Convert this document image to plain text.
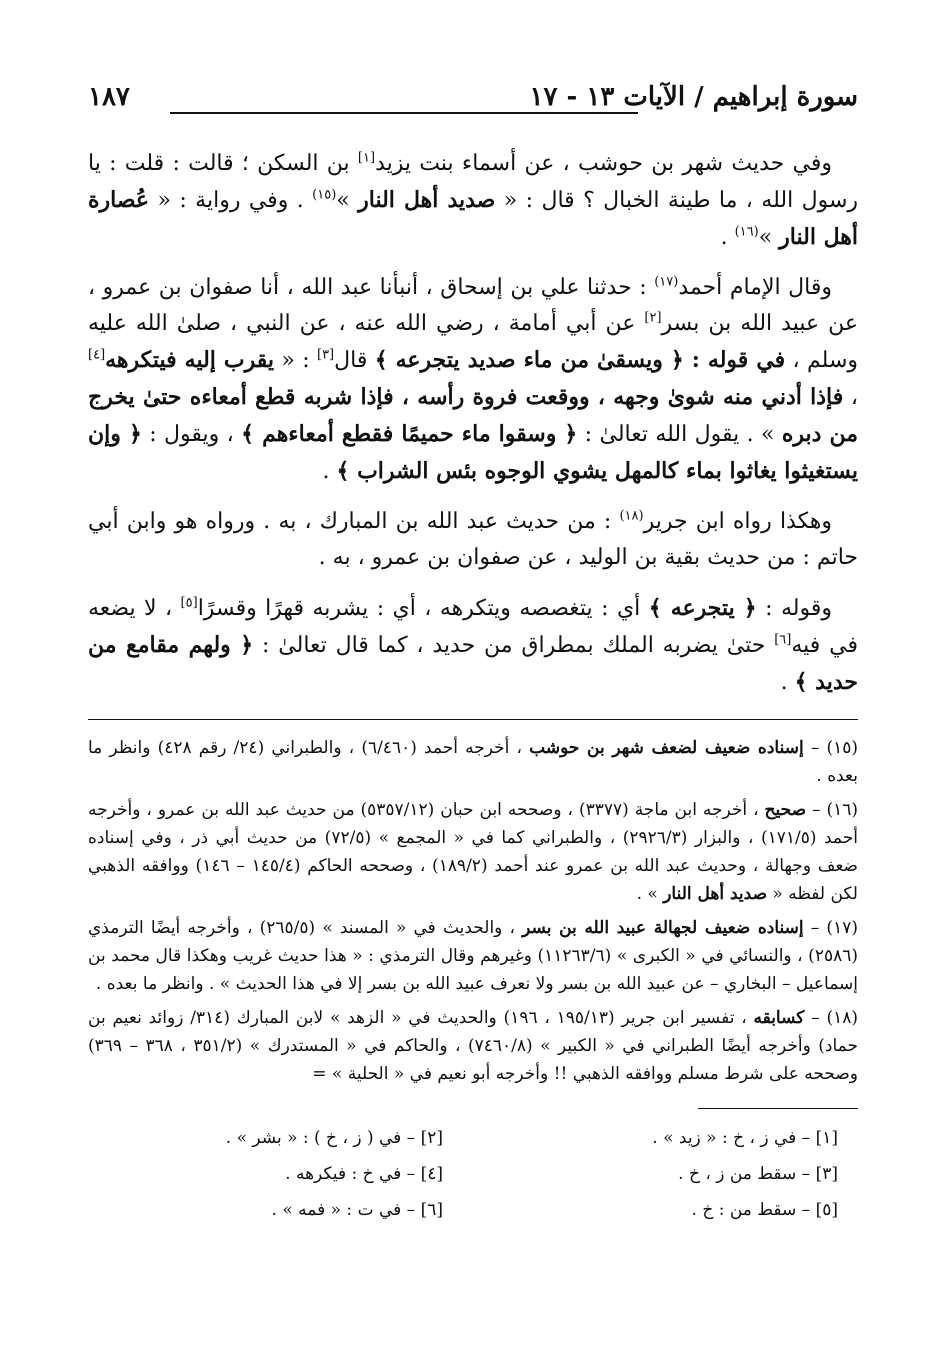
سورة إبراهيم / الآيات ١٣ - ١٧
١٨٧

وفي حديث شهر بن حوشب ، عن أسماء بنت يزيد[١] بن السكن ؛ قالت : قلت : يا رسول الله ، ما طينة الخبال ؟ قال : « صديد أهل النار »$^{(١٥)}$ . وفي رواية : « عُصارة أهل النار »$^{(١٦)}$ .

وقال الإمام أحمد$^{(١٧)}$ : حدثنا علي بن إسحاق ، أنبأنا عبد الله ، أنا صفوان بن عمرو ، عن عبيد الله بن بسر[٢] عن أبي أمامة ، رضي الله عنه ، عن النبي ، صلىٰ الله عليه وسلم ، في قوله : ﴿ ويسقىٰ من ماء صديد يتجرعه ﴾ قال[٣] : « يقرب إليه فيتكرهه[٤] ، فإذا أدني منه شوىٰ وجهه ، ووقعت فروة رأسه ، فإذا شربه قطع أمعاءه حتىٰ يخرج من دبره » . يقول الله تعالىٰ : ﴿ وسقوا ماء حميمًا فقطع أمعاءهم ﴾ ، ويقول : ﴿ وإن يستغيثوا يغاثوا بماء كالمهل يشوي الوجوه بئس الشراب ﴾ .

وهكذا رواه ابن جرير$^{(١٨)}$ : من حديث عبد الله بن المبارك ، به . ورواه هو وابن أبي حاتم : من حديث بقية بن الوليد ، عن صفوان بن عمرو ، به .

وقوله : ﴿ يتجرعه ﴾ أي : يتغصصه ويتكرهه ، أي : يشربه قهرًا وقسرًا[٥] ، لا يضعه في فيه[٦] حتىٰ يضربه الملك بمطراق من حديد ، كما قال تعالىٰ : ﴿ ولهم مقامع من حديد ﴾ .

(١٥) – إسناده ضعيف لضعف شهر بن حوشب ، أخرجه أحمد (٦/٤٦٠) ، والطبراني (٢٤/ رقم ٤٢٨) وانظر ما بعده .

(١٦) – صحيح ، أخرجه ابن ماجة (٣٣٧٧) ، وصححه ابن حبان (٥٣٥٧/١٢) من حديث عبد الله بن عمرو ، وأخرجه أحمد (١٧١/٥) ، والبزار (٢٩٢٦/٣) ، والطبراني كما في « المجمع » (٧٢/٥) من حديث أبي ذر ، وفي إسناده ضعف وجهالة ، وحديث عبد الله بن عمرو عند أحمد (١٨٩/٢) ، وصححه الحاكم (١٤٥/٤ – ١٤٦) ووافقه الذهبي لكن لفظه « صديد أهل النار » .

(١٧) – إسناده ضعيف لجهالة عبيد الله بن بسر ، والحديث في « المسند » (٢٦٥/٥) ، وأخرجه أيضًا الترمذي (٢٥٨٦) ، والنسائي في « الكبرى » (١١٢٦٣/٦) وغيرهم وقال الترمذي : « هذا حديث غريب وهكذا قال محمد بن إسماعيل – البخاري – عن عبيد الله بن بسر ولا نعرف عبيد الله بن بسر إلا في هذا الحديث » . وانظر ما بعده .

(١٨) – كسابقه ، تفسير ابن جرير (١٩٥/١٣ ، ١٩٦) والحديث في « الزهد » لابن المبارك (٣١٤/ زوائد نعيم بن حماد) وأخرجه أيضًا الطبراني في « الكبير » (٧٤٦٠/٨) ، والحاكم في « المستدرك » (٣٥١/٢ ، ٣٦٨ – ٣٦٩) وصححه على شرط مسلم ووافقه الذهبي !! وأخرجه أبو نعيم في « الحلية » =

[١] – في ز ، خ : « زيد » .
[٢] – في ( ز ، خ ) : « بشر » .
[٣] – سقط من ز ، خ .
[٤] – في خ : فيكرهه .
[٥] – سقط من : خ .
[٦] – في ت : « فمه » .
